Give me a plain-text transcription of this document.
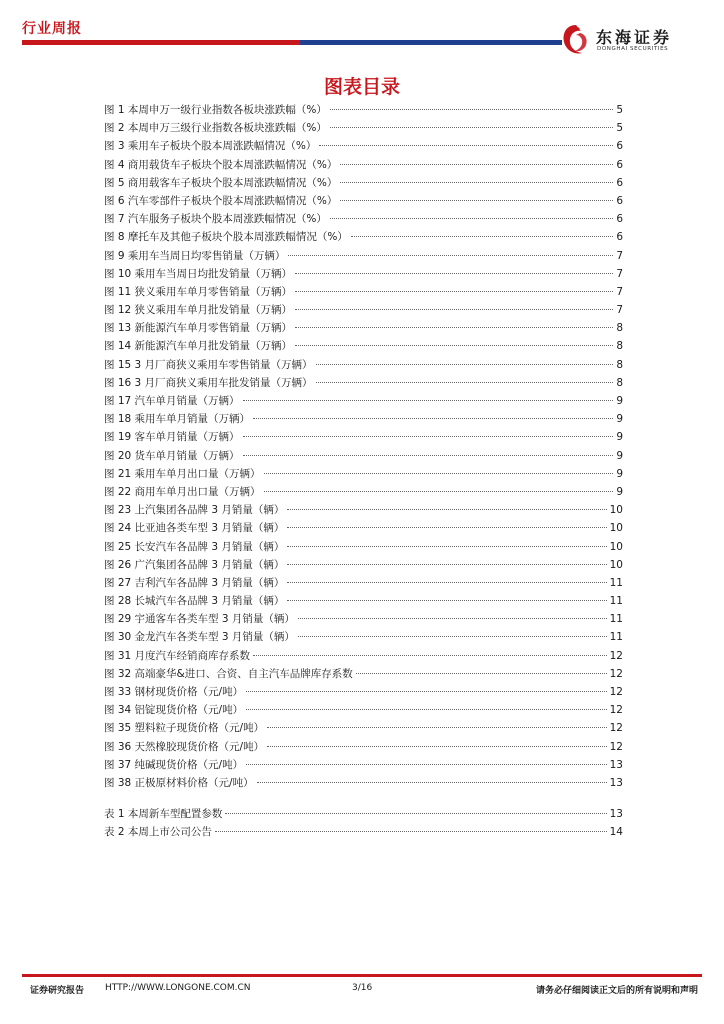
行业周报	东海证券
DONGHAI SECURITIES
图表目录
图 1 本周申万一级行业指数各板块涨跌幅（%）	5
图 2 本周申万三级行业指数各板块涨跌幅（%）	5
图 3 乘用车子板块个股本周涨跌幅情况（%）	6
图 4 商用载货车子板块个股本周涨跌幅情况（%）	6
图 5 商用载客车子板块个股本周涨跌幅情况（%）	6
图 6 汽车零部件子板块个股本周涨跌幅情况（%）	6
图 7 汽车服务子板块个股本周涨跌幅情况（%）	6
图 8 摩托车及其他子板块个股本周涨跌幅情况（%）	6
图 9 乘用车当周日均零售销量（万辆）	7
图 10 乘用车当周日均批发销量（万辆）	7
图 11 狭义乘用车单月零售销量（万辆）	7
图 12 狭义乘用车单月批发销量（万辆）	7
图 13 新能源汽车单月零售销量（万辆）	8
图 14 新能源汽车单月批发销量（万辆）	8
图 15 3 月厂商狭义乘用车零售销量（万辆）	8
图 16 3 月厂商狭义乘用车批发销量（万辆）	8
图 17 汽车单月销量（万辆）	9
图 18 乘用车单月销量（万辆）	9
图 19 客车单月销量（万辆）	9
图 20 货车单月销量（万辆）	9
图 21 乘用车单月出口量（万辆）	9
图 22 商用车单月出口量（万辆）	9
图 23 上汽集团各品牌 3 月销量（辆）	10
图 24 比亚迪各类车型 3 月销量（辆）	10
图 25 长安汽车各品牌 3 月销量（辆）	10
图 26 广汽集团各品牌 3 月销量（辆）	10
图 27 吉利汽车各品牌 3 月销量（辆）	11
图 28 长城汽车各品牌 3 月销量（辆）	11
图 29 宇通客车各类车型 3 月销量（辆）	11
图 30 金龙汽车各类车型 3 月销量（辆）	11
图 31 月度汽车经销商库存系数	12
图 32 高端豪华&进口、合资、自主汽车品牌库存系数	12
图 33 钢材现货价格（元/吨）	12
图 34 铝锭现货价格（元/吨）	12
图 35 塑料粒子现货价格（元/吨）	12
图 36 天然橡胶现货价格（元/吨）	12
图 37 纯碱现货价格（元/吨）	13
图 38 正极原材料价格（元/吨）	13
表 1 本周新车型配置参数	13
表 2 本周上市公司公告	14
证券研究报告 HTTP://WWW.LONGONE.COM.CN	3/16	请务必仔细阅读正文后的所有说明和声明
